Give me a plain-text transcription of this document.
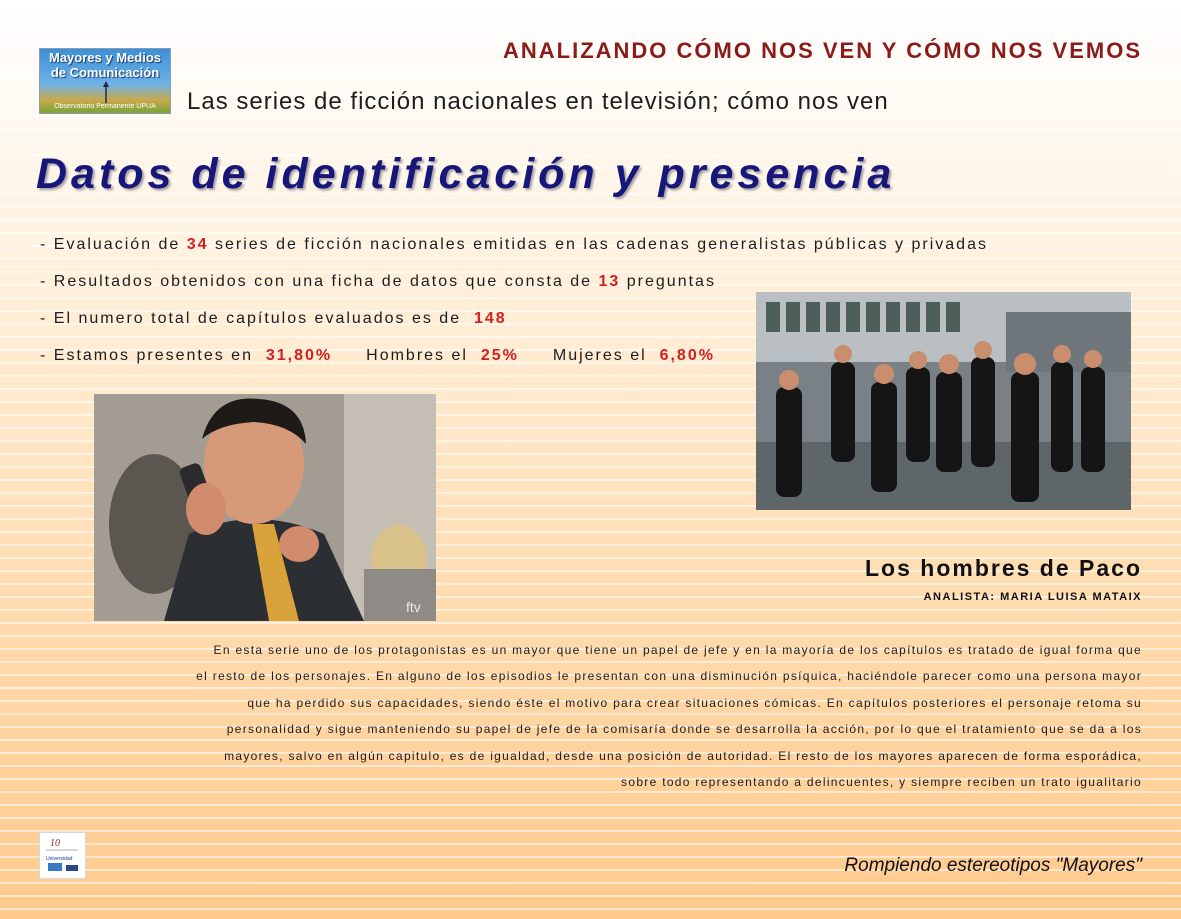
Mayores y Medios
de Comunicación
Observatorio Permanente UPUA
ANALIZANDO CÓMO NOS VEN Y CÓMO NOS VEMOS
Las series de ficción nacionales en televisión; cómo nos ven
Datos de identificación y presencia
- Evaluación de 34 series de ficción nacionales emitidas en las cadenas generalistas públicas y privadas
- Resultados obtenidos con una ficha de datos que consta de 13 preguntas
- El numero total de capítulos evaluados es de  148
- Estamos presentes en  31,80% Hombres el  25% Mujeres el  6,80%
ftv
Los hombres de Paco
ANALISTA: MARIA LUISA MATAIX
En esta serie uno de los protagonistas es un mayor que tiene un papel de jefe y en la mayoría de los capítulos es tratado de igual forma que
el resto de los personajes. En alguno de los episodios le presentan con una disminución psíquica, haciéndole parecer como una persona mayor
que ha perdido sus capacidades, siendo éste el motivo para crear situaciones cómicas. En capítulos posteriores el personaje retoma su
personalidad y sigue manteniendo su papel de jefe de la comisaría donde se desarrolla la acción, por lo que el tratamiento que se da a los
mayores, salvo en algún capitulo, es de igualdad, desde una posición de autoridad. El resto de los mayores aparecen de forma esporádica,
sobre todo representando a delincuentes, y siempre reciben un trato igualitario
10
Universidad	Rompiendo estereotipos "Mayores"
